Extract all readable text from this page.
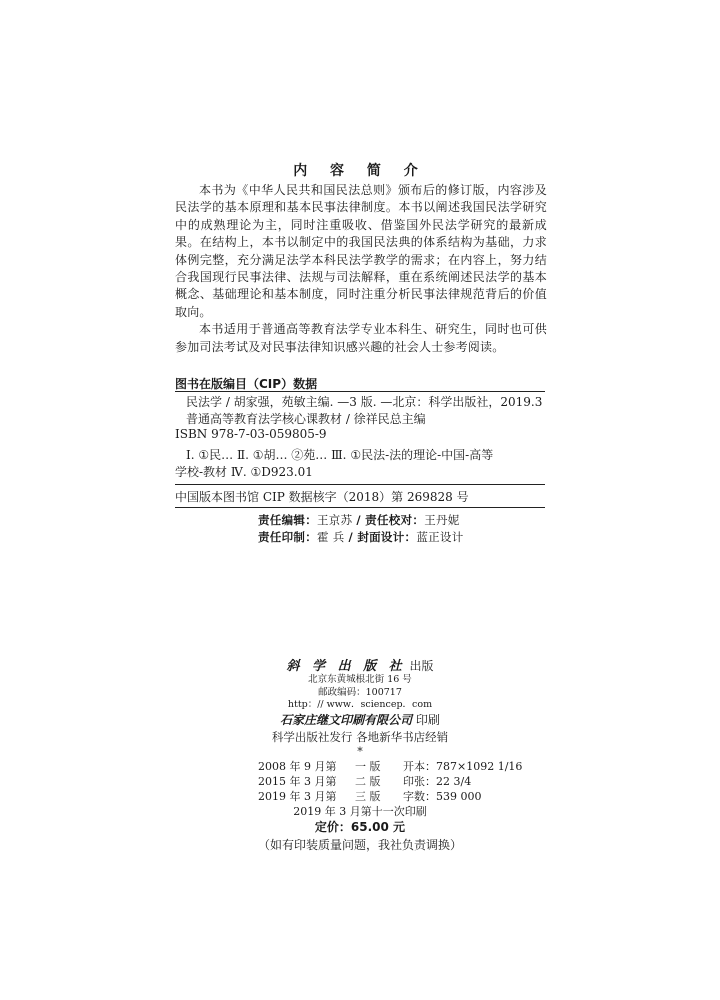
内 容 简 介

本书为《中华人民共和国民法总则》颁布后的修订版，内容涉及民法学的基本原理和基本民事法律制度。本书以阐述我国民法学研究中的成熟理论为主，同时注重吸收、借鉴国外民法学研究的最新成果。在结构上，本书以制定中的我国民法典的体系结构为基础，力求体例完整，充分满足法学本科民法学教学的需求；在内容上，努力结合我国现行民事法律、法规与司法解释，重在系统阐述民法学的基本概念、基础理论和基本制度，同时注重分析民事法律规范背后的价值取向。

本书适用于普通高等教育法学专业本科生、研究生，同时也可供参加司法考试及对民事法律知识感兴趣的社会人士参考阅读。

图书在版编目（CIP）数据
民法学 / 胡家强，苑敏主编. —3 版. —北京：科学出版社，2019.3
普通高等教育法学核心课教材 / 徐祥民总主编
ISBN 978-7-03-059805-9
Ⅰ. ①民… Ⅱ. ①胡… ②苑… Ⅲ. ①民法-法的理论-中国-高等
学校-教材 Ⅳ. ①D923.01
中国版本图书馆 CIP 数据核字（2018）第 269828 号
责任编辑：王京苏 / 责任校对：王丹妮
责任印制：霍 兵 / 封面设计：蓝正设计
斜 学 出 版 社 出版
北京东黄城根北街 16 号
邮政编码：100717
http：// www．sciencep．com
石家庄继文印刷有限公司 印刷
科学出版社发行 各地新华书店经销
*
2008 年 9 月第 一 版 开本：787×1092 1/16
2015 年 3 月第 二 版 印张：22 3/4
2019 年 3 月第 三 版 字数：539 000
2019 年 3 月第十一次印刷
定价：65.00 元
（如有印装质量问题，我社负责调换）
